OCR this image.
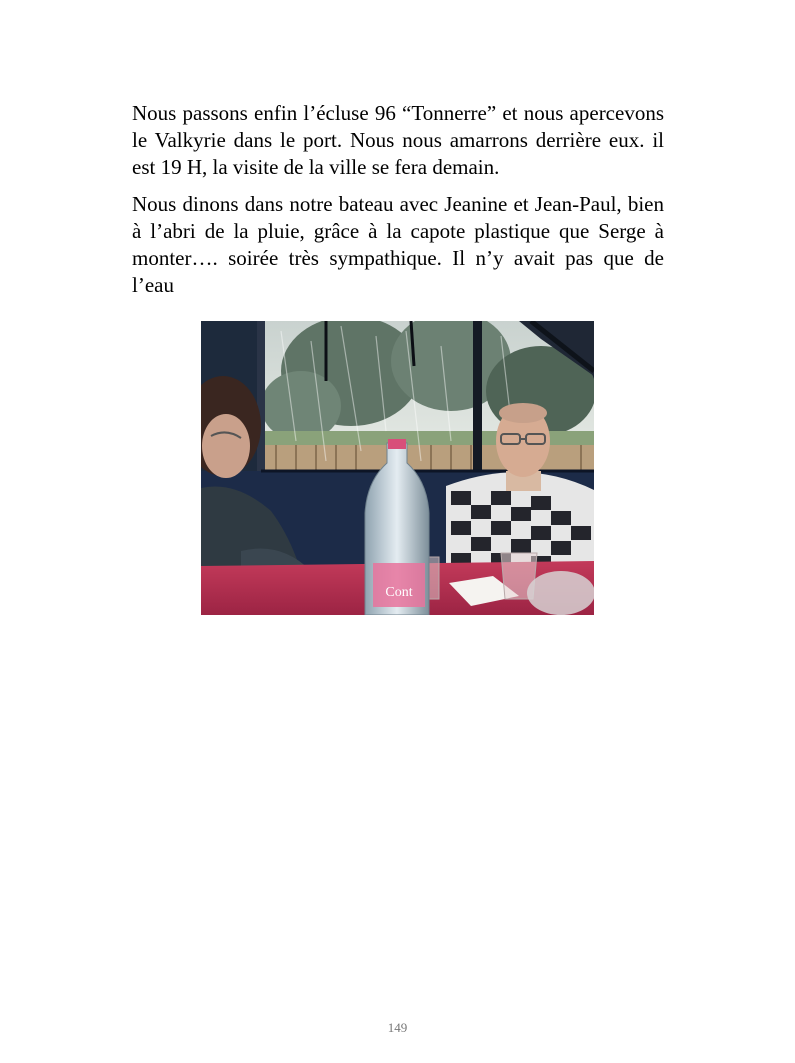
Nous passons enfin l’écluse 96 “Tonnerre” et nous apercevons le Valkyrie dans le port. Nous nous amarrons derrière eux. il est 19 H, la visite de la ville se fera demain.

Nous dinons dans notre bateau avec Jeanine et Jean-Paul, bien à l’abri de la pluie, grâce à la capote plastique que Serge à monter…. soirée très sympathique. Il n’y avait pas que de l’eau

Cont
149
